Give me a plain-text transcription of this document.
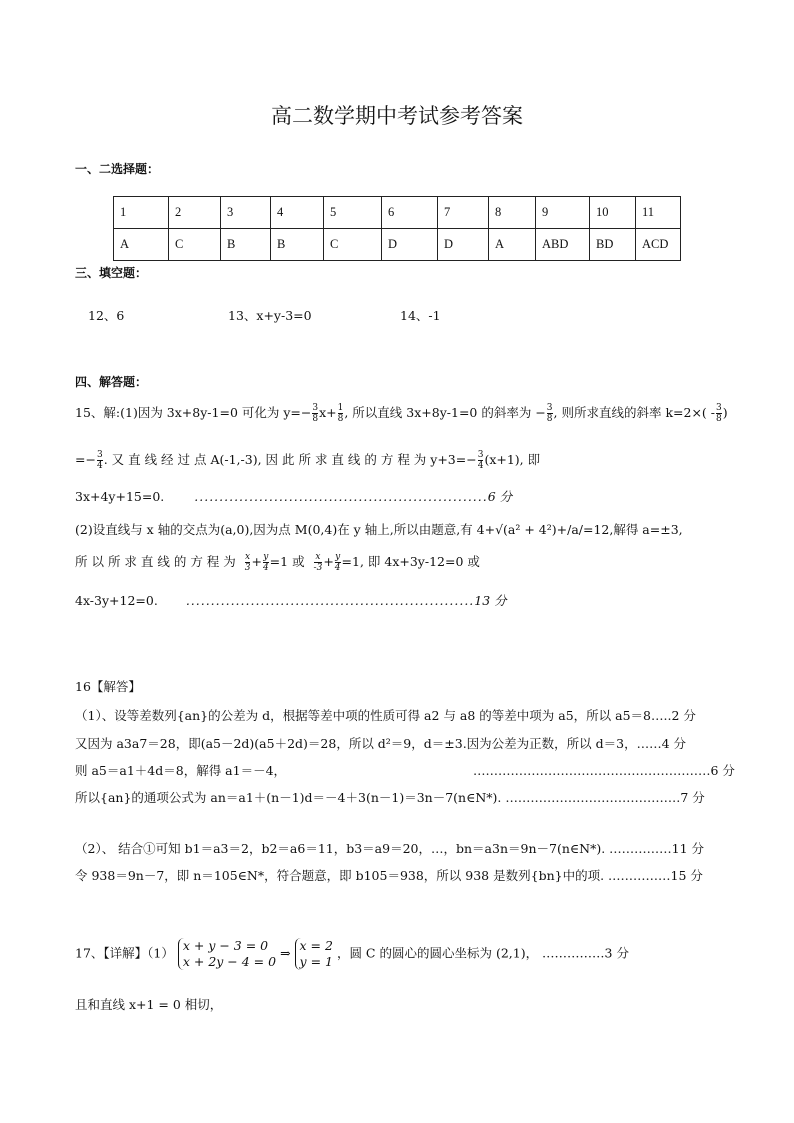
高二数学期中考试参考答案
一、二选择题：
1	2	3	4	5	6	7	8	9	10	11
A	C	B	B	C	D	D	A	ABD	BD	ACD
三、填空题：
12、6	13、x+y-3=0	14、-1
四、解答题：
15、解:(1)因为 3x+8y-1=0 可化为 $y=- \frac{3}{8} x+ \frac{1}{8}$ , 所以直线 3x+8y-1=0 的斜率为 − $\frac{3}{8}$ , 则所求直线的斜率 $k=2\times( - \frac{3}{8}$ )
=− $\frac{3}{4}$ . 又 直 线 经 过 点 A(-1,-3), 因 此 所 求 直 线 的 方 程 为 $y+3=- \frac{3}{4} (x+1)$, 即
3x+4y+15=0. ...........................................................6 分
(2)设直线与 x 轴的交点为(a,0),因为点 M(0,4)在 y 轴上,所以由题意,有 4+√(a² + 4²)+/a/=12,解得 a=±3,
所 以 所 求 直 线 的 方 程 为 $\frac{x}{3} + \frac{y}{4} =1$ 或 $\frac{x}{-3} + \frac{y}{4} =1$, 即 4x+3y-12=0 或
4x-3y+12=0. ..........................................................13 分
16【解答】
（1）、设等差数列{an}的公差为 d，根据等差中项的性质可得 a2 与 a8 的等差中项为 a5，所以 a5＝8…..2 分
又因为 a3a7＝28，即(a5－2d)(a5＋2d)＝28，所以 d²＝9，d＝±3.因为公差为正数，所以 d＝3，……4 分
则 a5＝a1＋4d＝8，解得 a1＝－4，	…………………………………………………6 分
所以{an}的通项公式为 an＝a1＋(n－1)d＝－4＋3(n－1)＝3n－7(n∈N*). ……………………………………7 分
（2）、 结合①可知 b1＝a3＝2，b2＝a6＝11，b3＝a9＝20，…，bn＝a3n＝9n－7(n∈N*). ……………11 分
令 938＝9n－7，即 n＝105∈N*，符合题意，即 b105＝938，所以 938 是数列{bn}中的项. ……………15 分
17、【详解】（1） x + y − 3 = 0
x + 2y − 4 = 0
⇒ x = 2
y = 1
，圆 C 的圆心的圆心坐标为 (2,1)， ……………3 分
且和直线 x+1 = 0 相切，
